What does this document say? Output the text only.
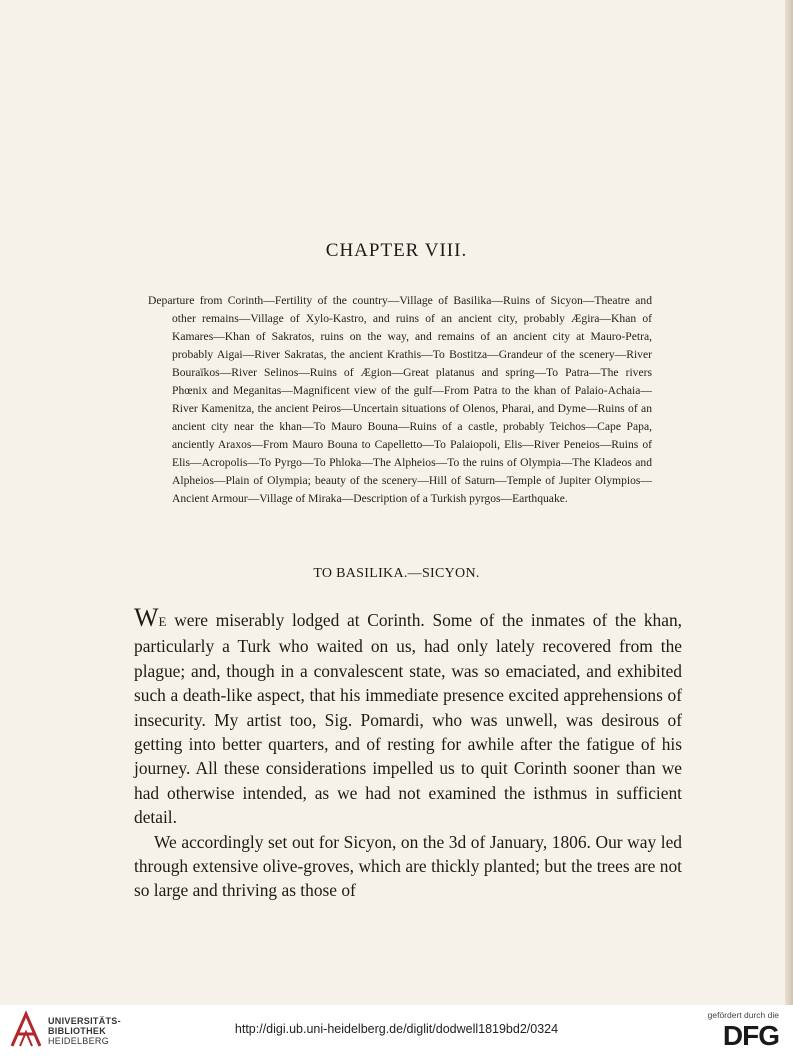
CHAPTER VIII.
Departure from Corinth—Fertility of the country—Village of Basilika—Ruins of Sicyon—Theatre and other remains—Village of Xylo-Kastro, and ruins of an ancient city, probably Ægira—Khan of Kamares—Khan of Sakratos, ruins on the way, and remains of an ancient city at Mauro-Petra, probably Aigai—River Sakratas, the ancient Krathis—To Bostitza—Grandeur of the scenery—River Bouraïkos—River Selinos—Ruins of Ægion—Great platanus and spring—To Patra—The rivers Phœnix and Meganitas—Magnificent view of the gulf—From Patra to the khan of Palaio-Achaia—River Kamenitza, the ancient Peiros—Uncertain situations of Olenos, Pharai, and Dyme—Ruins of an ancient city near the khan—To Mauro Bouna—Ruins of a castle, probably Teichos—Cape Papa, anciently Araxos—From Mauro Bouna to Capelletto—To Palaiopoli, Elis—River Peneios—Ruins of Elis—Acropolis—To Pyrgo—To Phloka—The Alpheios—To the ruins of Olympia—The Kladeos and Alpheios—Plain of Olympia; beauty of the scenery—Hill of Saturn—Temple of Jupiter Olympios—Ancient Armour—Village of Miraka—Description of a Turkish pyrgos—Earthquake.
TO BASILIKA.—SICYON.

WE were miserably lodged at Corinth. Some of the inmates of the khan, particularly a Turk who waited on us, had only lately recovered from the plague; and, though in a convalescent state, was so emaciated, and exhibited such a death-like aspect, that his immediate presence excited apprehensions of insecurity. My artist too, Sig. Pomardi, who was unwell, was desirous of getting into better quarters, and of resting for awhile after the fatigue of his journey. All these considerations impelled us to quit Corinth sooner than we had otherwise intended, as we had not examined the isthmus in sufficient detail.

We accordingly set out for Sicyon, on the 3d of January, 1806. Our way led through extensive olive-groves, which are thickly planted; but the trees are not so large and thriving as those of

UNIVERSITÄTS-
BIBLIOTHEK
HEIDELBERG
http://digi.ub.uni-heidelberg.de/diglit/dodwell1819bd2/0324
gefördert durch die
DFG
